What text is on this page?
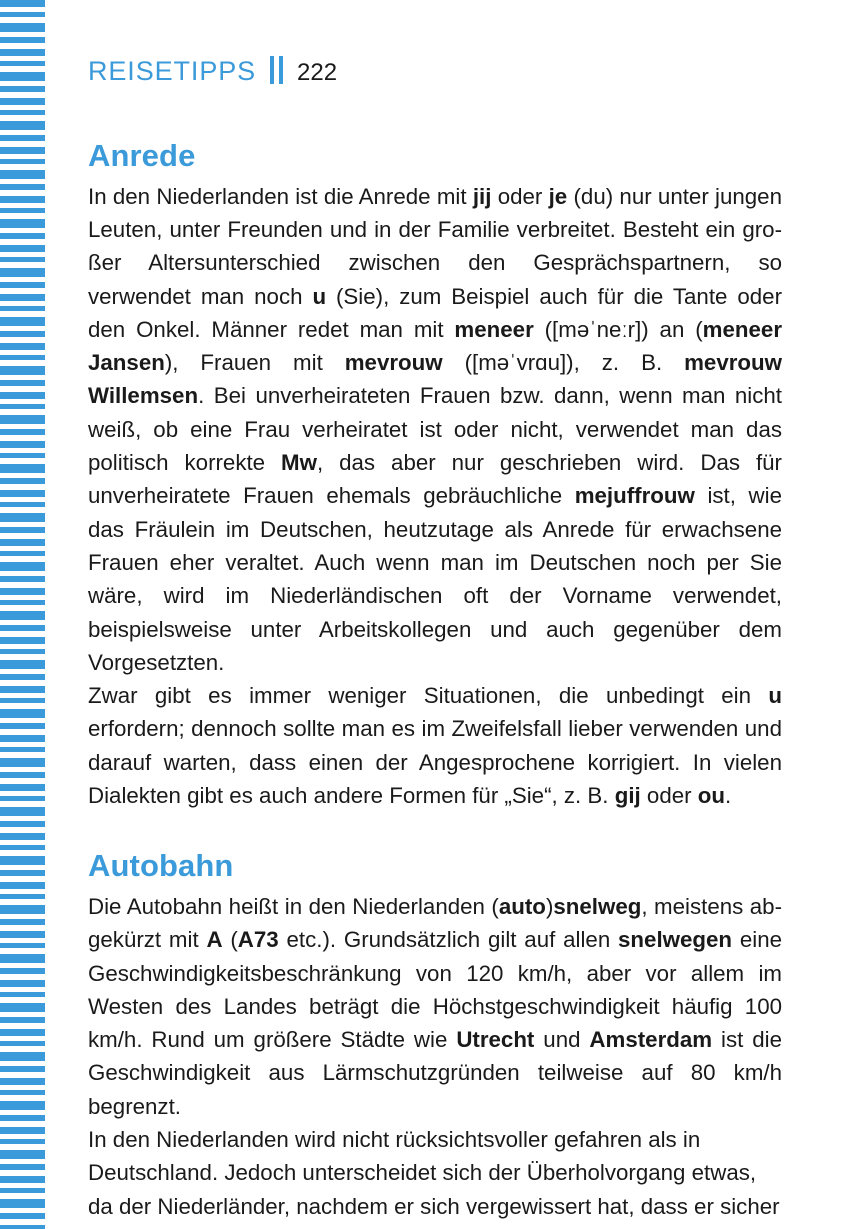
REISETIPPS 222
Anrede

In den Niederlanden ist die Anrede mit jij oder je (du) nur unter jungen Leuten, unter Freunden und in der Familie verbreitet. Besteht ein großer Altersunterschied zwischen den Gesprächspartnern, so verwendet man noch u (Sie), zum Beispiel auch für die Tante oder den Onkel. Männer redet man mit meneer ([məˈneːr]) an (meneer Jansen), Frauen mit mevrouw ([məˈvrɑu]), z. B. mevrouw Willemsen. Bei unverheirateten Frauen bzw. dann, wenn man nicht weiß, ob eine Frau verheiratet ist oder nicht, verwendet man das politisch korrekte Mw, das aber nur geschrieben wird. Das für unverheiratete Frauen ehemals gebräuchliche mejuffrouw ist, wie das Fräulein im Deutschen, heutzutage als Anrede für erwachsene Frauen eher veraltet. Auch wenn man im Deutschen noch per Sie wäre, wird im Niederländischen oft der Vorname verwendet, beispielsweise unter Arbeitskollegen und auch gegenüber dem Vorgesetzten.

Zwar gibt es immer weniger Situationen, die unbedingt ein u erfordern; dennoch sollte man es im Zweifelsfall lieber verwenden und darauf warten, dass einen der Angesprochene korrigiert. In vielen Dialekten gibt es auch andere Formen für „Sie“, z. B. gij oder ou.

Autobahn

Die Autobahn heißt in den Niederlanden (auto)snelweg, meistens abgekürzt mit A (A73 etc.). Grundsätzlich gilt auf allen snelwegen eine Geschwindigkeitsbeschränkung von 120 km/h, aber vor allem im Westen des Landes beträgt die Höchstgeschwindigkeit häufig 100 km/h. Rund um größere Städte wie Utrecht und Amsterdam ist die Geschwindigkeit aus Lärmschutzgründen teilweise auf 80 km/h begrenzt.

In den Niederlanden wird nicht rücksichtsvoller gefahren als in Deutschland. Jedoch unterscheidet sich der Überholvorgang etwas, da der Niederländer, nachdem er sich vergewissert hat, dass er sicher
